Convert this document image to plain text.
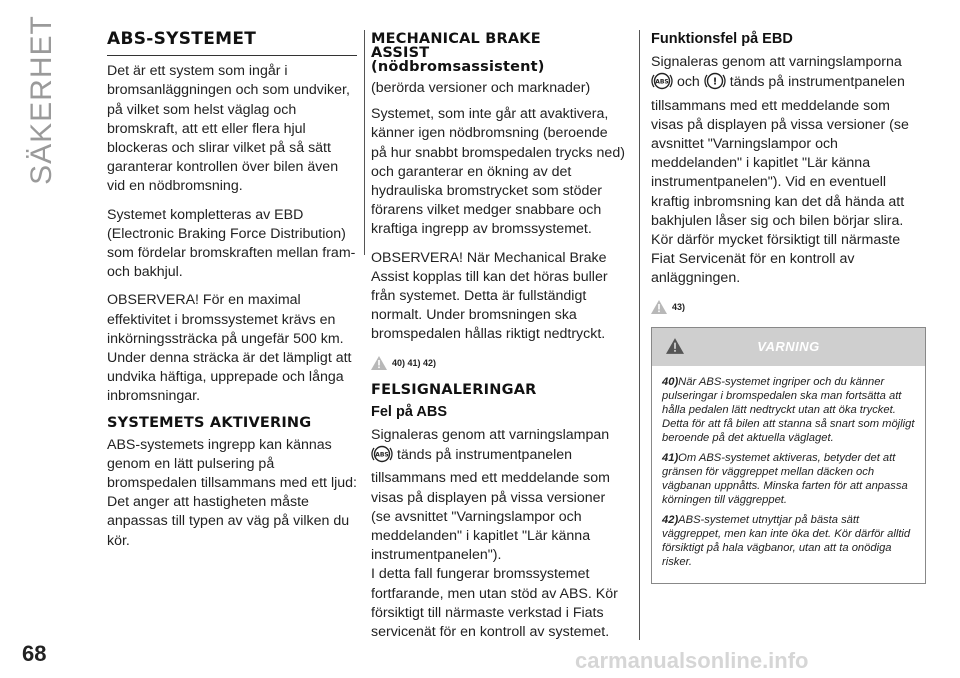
SÄKERHET	ABS-SYSTEMET

Det är ett system som ingår i bromsanläggningen och som undviker, på vilket som helst väglag och bromskraft, att ett eller flera hjul blockeras och slirar vilket på så sätt garanterar kontrollen över bilen även vid en nödbromsning.

Systemet kompletteras av EBD (Electronic Braking Force Distribution) som fördelar bromskraften mellan fram- och bakhjul.

OBSERVERA! För en maximal effektivitet i bromssystemet krävs en inkörningssträcka på ungefär 500 km. Under denna sträcka är det lämpligt att undvika häftiga, upprepade och långa inbromsningar.

SYSTEMETS AKTIVERING

ABS-systemets ingrepp kan kännas genom en lätt pulsering på bromspedalen tillsammans med ett ljud: Det anger att hastigheten måste anpassas till typen av väg på vilken du kör.

MECHANICAL BRAKE
ASSIST
(nödbromsassistent)

(berörda versioner och marknader)

Systemet, som inte går att avaktivera, känner igen nödbromsning (beroende på hur snabbt bromspedalen trycks ned) och garanterar en ökning av det hydrauliska bromstrycket som stöder förarens vilket medger snabbare och kraftiga ingrepp av bromssystemet.

OBSERVERA! När Mechanical Brake Assist kopplas till kan det höras buller från systemet. Detta är fullständigt normalt. Under bromsningen ska bromspedalen hållas riktigt nedtryckt.

40) 41) 42)
FELSIGNALERINGAR
Fel på ABS

Signaleras genom att varningslampan

ABS tänds på instrumentpanelen tillsammans med ett meddelande som visas på displayen på vissa versioner (se avsnittet "Varningslampor och meddelanden" i kapitlet "Lär känna instrumentpanelen").
I detta fall fungerar bromssystemet fortfarande, men utan stöd av ABS. Kör försiktigt till närmaste verkstad i Fiats servicenät för en kontroll av systemet.

Funktionsfel på EBD

Signaleras genom att varningslamporna

ABS och ! tänds på instrumentpanelen tillsammans med ett meddelande som visas på displayen på vissa versioner (se avsnittet "Varningslampor och meddelanden" i kapitlet "Lär känna instrumentpanelen"). Vid en eventuell kraftig inbromsning kan det då hända att bakhjulen låser sig och bilen börjar slira. Kör därför mycket försiktigt till närmaste Fiat Servicenät för en kontroll av anläggningen.

43)
VARNING
40)När ABS-systemet ingriper och du känner pulseringar i bromspedalen ska man fortsätta att hålla pedalen lätt nedtryckt utan att öka trycket. Detta för att få bilen att stanna så snart som möjligt beroende på det aktuella väglaget.
41)Om ABS-systemet aktiveras, betyder det att gränsen för väggreppet mellan däcken och vägbanan uppnåtts. Minska farten för att anpassa körningen till väggreppet.
42)ABS-systemet utnyttjar på bästa sätt väggreppet, men kan inte öka det. Kör därför alltid försiktigt på hala vägbanor, utan att ta onödiga risker.
68	carmanualsonline.info
